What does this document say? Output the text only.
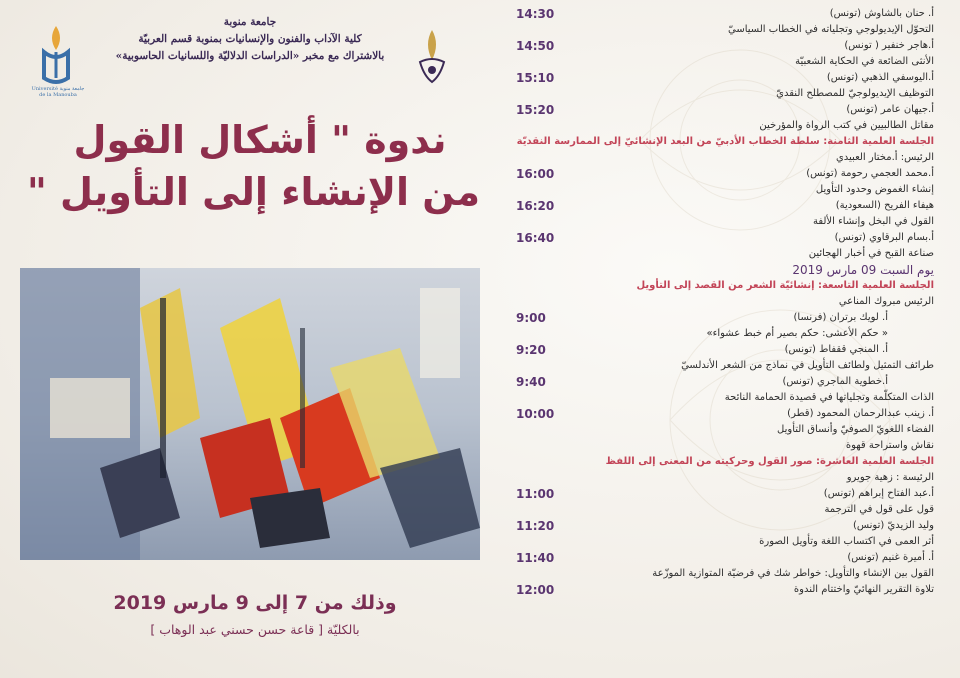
جامعة منوبة Université de la Manouba
جامعة منوبة
كلية الآداب والفنون والإنسانيات بمنوبة قسم العربيّة
بالاشتراك مع مخبر «الدراسات الدلاليّة واللسانيات الحاسوبية»
ندوة " أشكال القول
من الإنشاء إلى التأويل "
وذلك من 7 إلى 9 مارس 2019
بالكليّة [ قاعة حسن حسني عبد الوهاب ]
أ. حنان بالشاوش (تونس)
14:30
التحوّل الإيديولوجي وتجلياته في الخطاب السياسيّ
أ.هاجر خنفير ( تونس)
14:50
الأنثى الضائعة في الحكاية الشعبيّة
أ.اليوسفي الذهبي (تونس)
15:10
التوظيف الإيديولوجيّ للمصطلح النقديّ
أ.جيهان عامر (تونس)
15:20
مقاتل الطالبيين في كتب الرواة والمؤرخين
الجلسة العلمية الثامنة: سلطة الخطاب الأدبيّ من البعد الإنشائيّ إلى الممارسة النقديّة
الرئيس: أ.مختار العبيدي
أ.محمد العجمي رحومة (تونس)
16:00
إنشاء الغموض وحدود التأويل
هيفاء الفريح (السعودية)
16:20
القول في البخل وإنشاء الألفة
أ.بسام البرقاوي (تونس)
16:40
صناعة القبح في أخبار الهجائين
يوم السبت 09 مارس 2019
الجلسة العلمية التاسعة: إنشائيّة الشعر من القصد إلى التأويل
الرئيس مبروك المناعي
أ. لويك برتران (فرنسا)
9:00
« حكم الأعشى: حكم بصير أم خبط عشواء»
أ. المنجي ققفاط (تونس)
9:20
طرائف التمثيل ولطائف التأويل في نماذج من الشعر الأندلسيّ
أ.خطوية الماجري (تونس)
9:40
الذات المتكلّمة وتجلياتها في قصيدة الحمامة النائحة
أ. زينب عبدالرحمان المحمود (قطر)
10:00
الفضاء اللغويّ الصوفيّ وأنساق التأويل
نقاش واستراحة قهوة
الجلسة العلمية العاشرة: صور القول وحركيته من المعنى إلى اللفظ
الرئيسة : زهية جويرو
أ.عبد الفتاح إبراهم (تونس)
11:00
قول على قول في الترجمة
وليد الزيديّ (تونس)
11:20
أثر العمى في اكتساب اللغة وتأويل الصورة
أ. أميرة غنيم (تونس)
11:40
القول بين الإنشاء والتأويل: خواطر شك في فرضيّة المتوازية الموزّعة
تلاوة التقرير النهائيّ واختتام الندوة
12:00
